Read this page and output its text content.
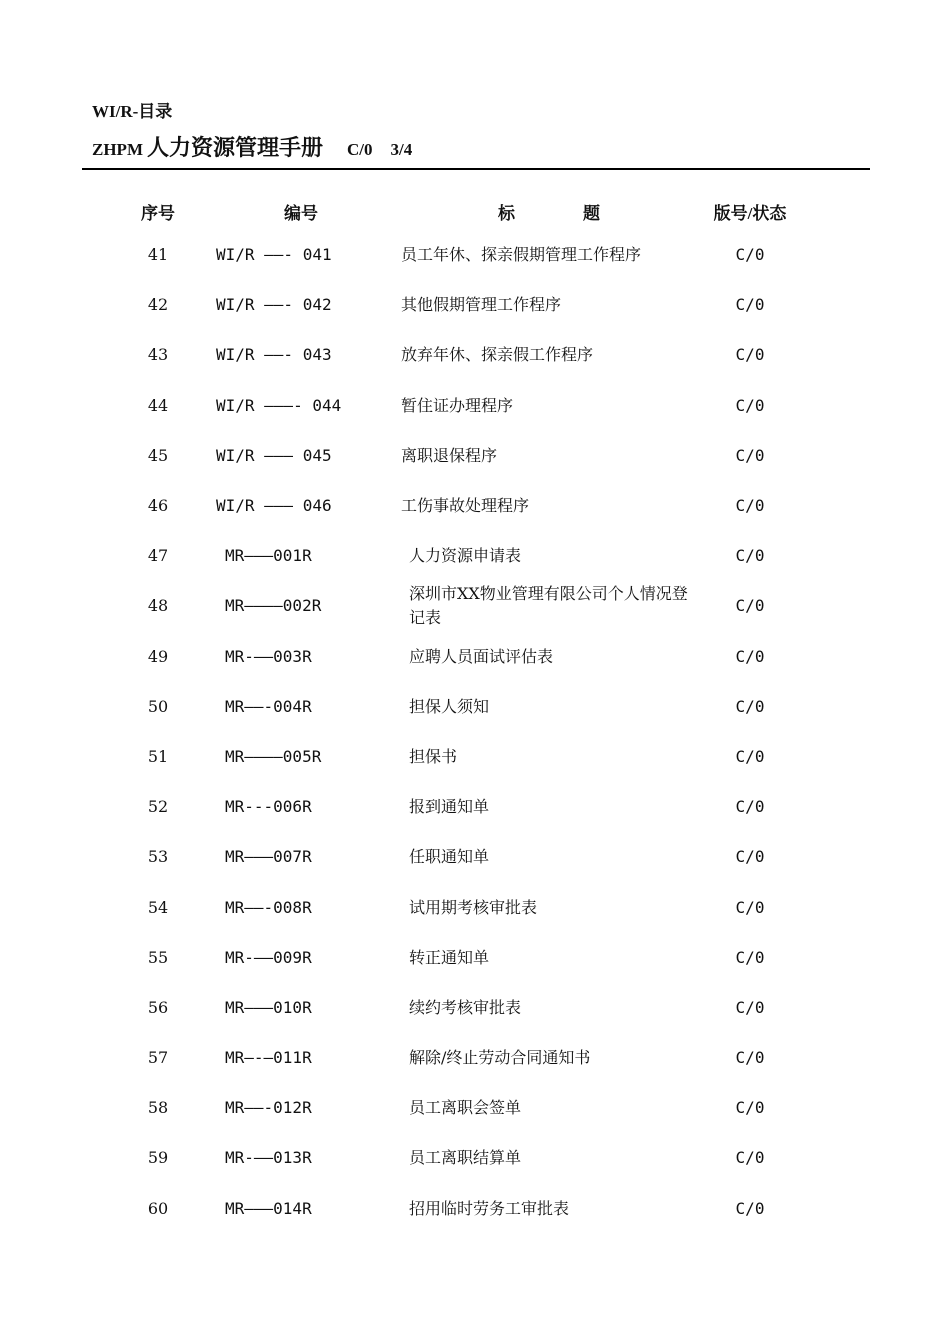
WI/R-目录
ZHPM 人力资源管理手册 C/0 3/4
序号	编号	标 题	版号/状态
41	WI/R ——- 041	员工年休、探亲假期管理工作程序	C/0
42	WI/R ——- 042	其他假期管理工作程序	C/0
43	WI/R ——- 043	放弃年休、探亲假工作程序	C/0
44	WI/R ———- 044	暂住证办理程序	C/0
45	WI/R ——— 045	离职退保程序	C/0
46	WI/R ——— 046	工伤事故处理程序	C/0
47	MR———001R	人力资源申请表	C/0
48	MR————002R	深圳市XX物业管理有限公司个人情况登记表	C/0
49	MR-——003R	应聘人员面试评估表	C/0
50	MR——-004R	担保人须知	C/0
51	MR————005R	担保书	C/0
52	MR---006R	报到通知单	C/0
53	MR———007R	任职通知单	C/0
54	MR——-008R	试用期考核审批表	C/0
55	MR-——009R	转正通知单	C/0
56	MR———010R	续约考核审批表	C/0
57	MR—-—011R	解除/终止劳动合同通知书	C/0
58	MR——-012R	员工离职会签单	C/0
59	MR-——013R	员工离职结算单	C/0
60	MR———014R	招用临时劳务工审批表	C/0
